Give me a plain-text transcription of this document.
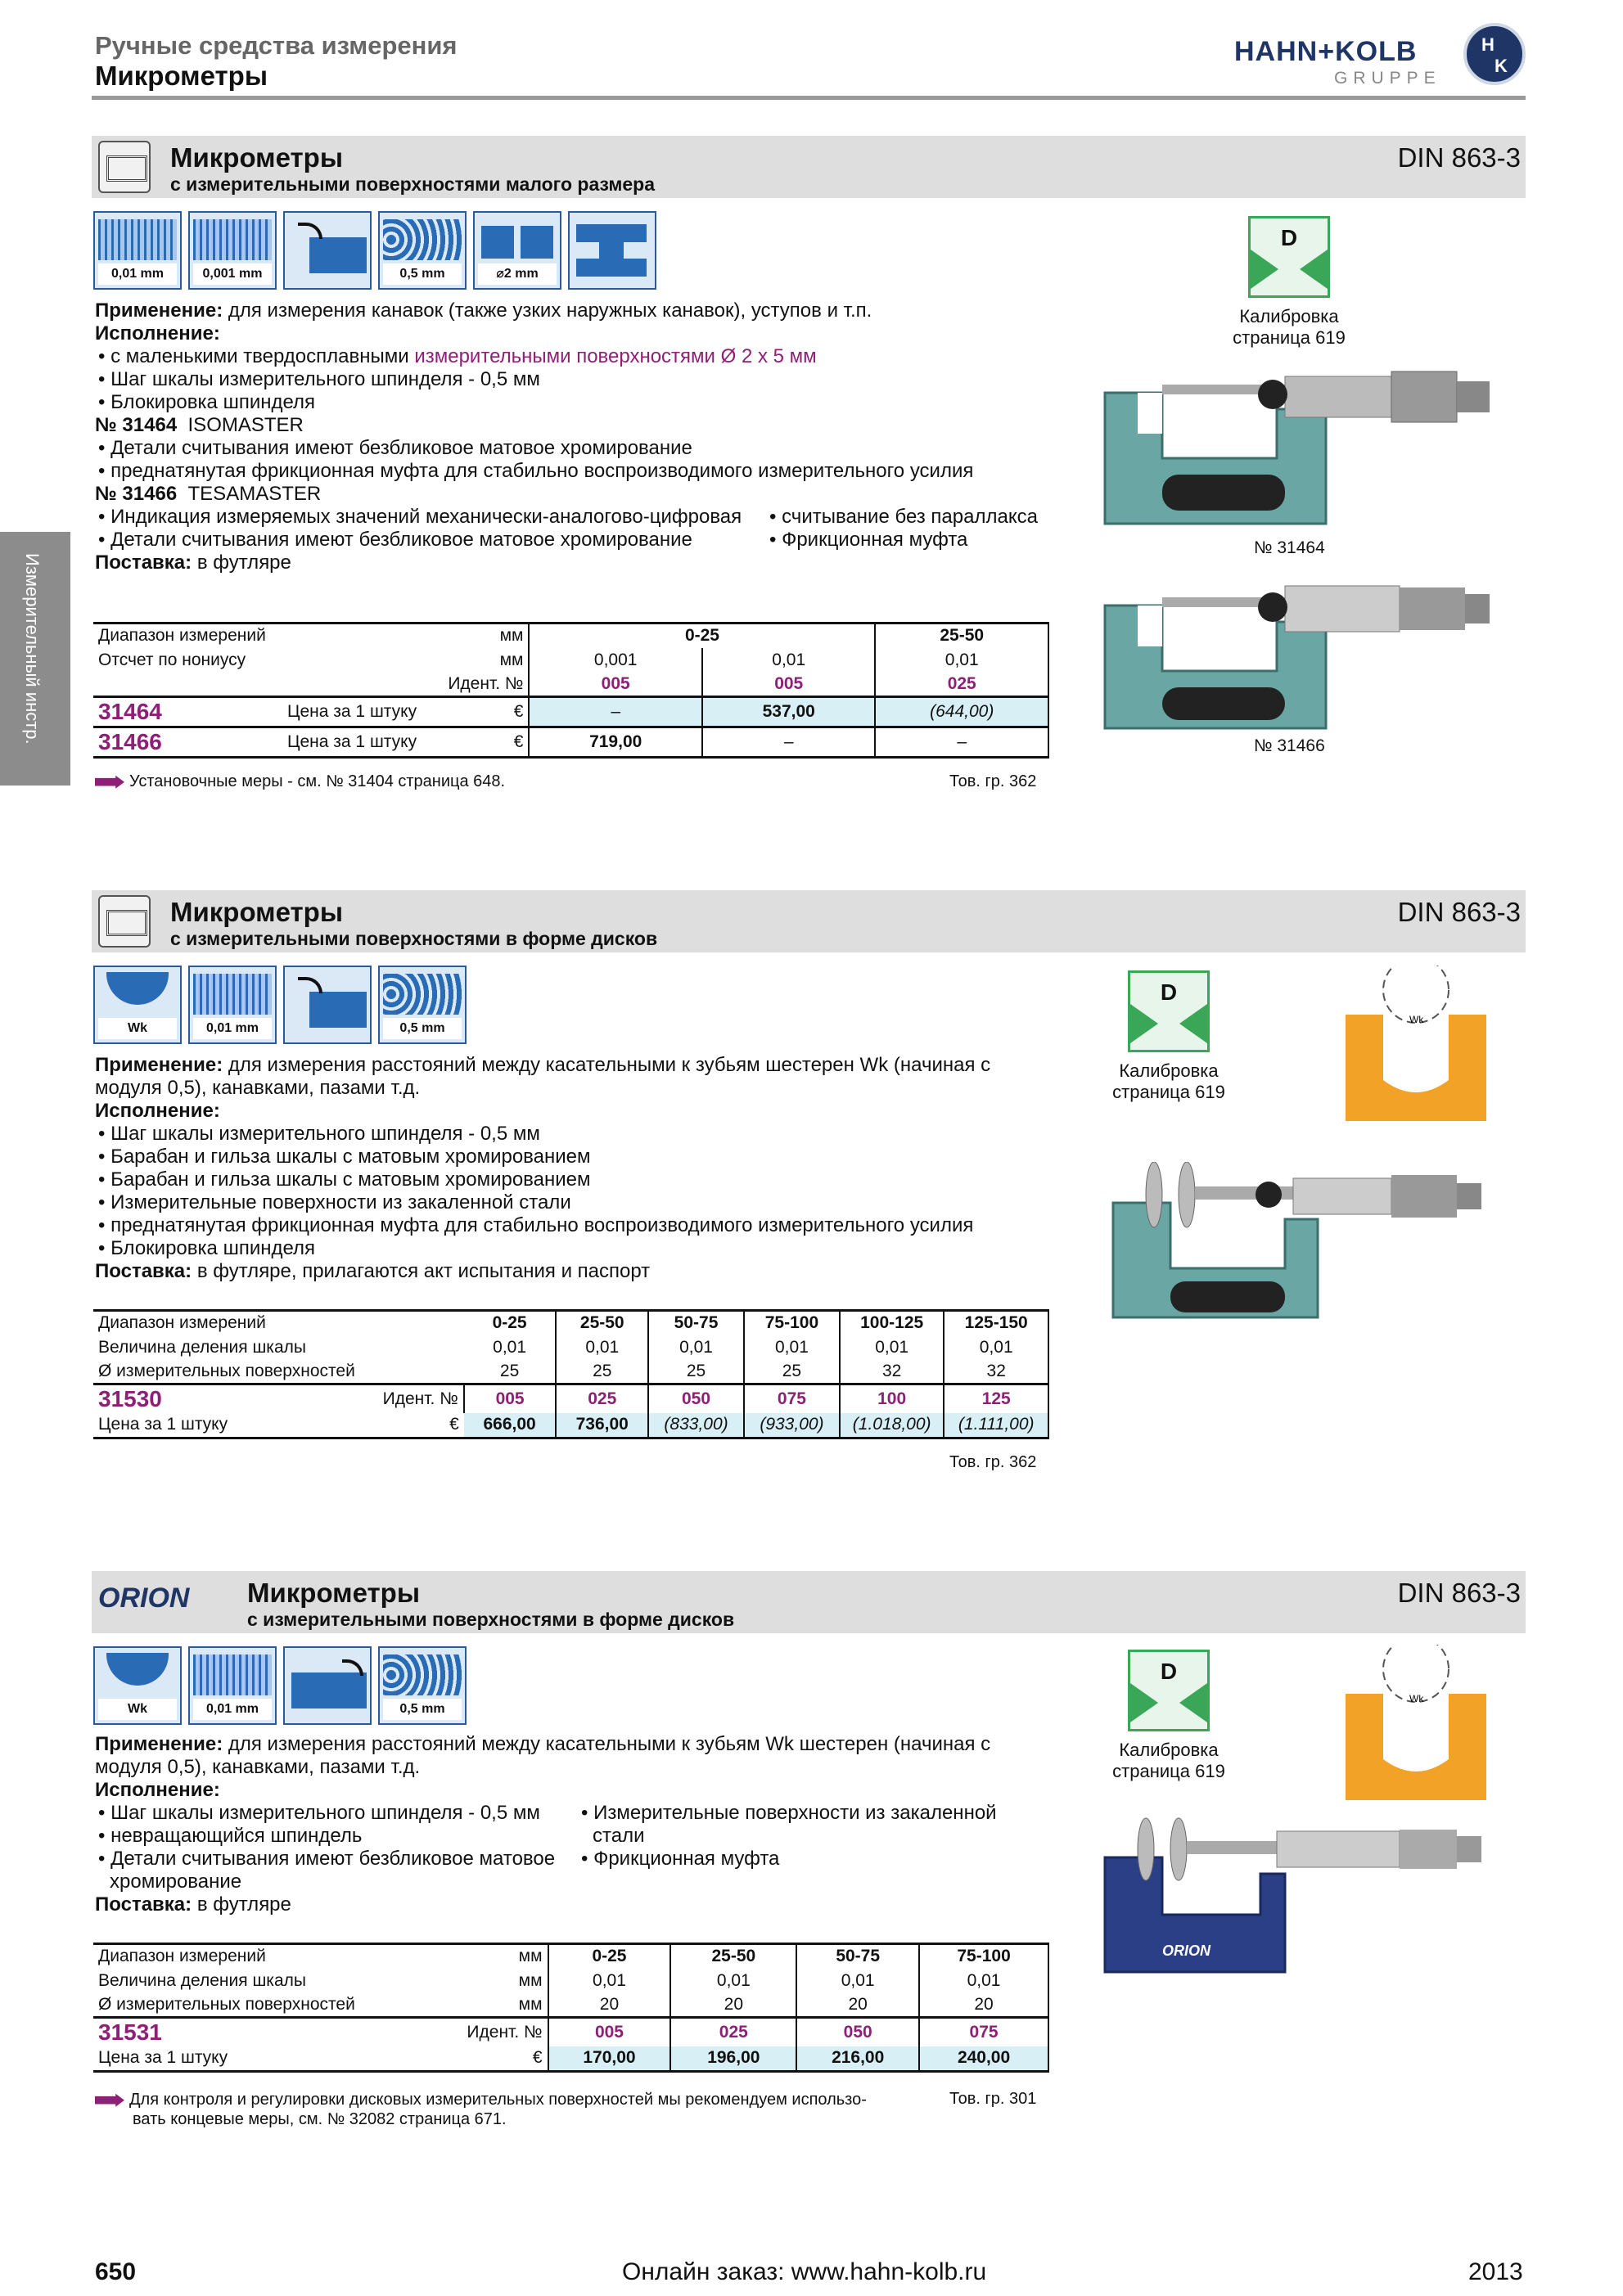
Ручные средства измерения
Микрометры
HAHN+KOLB
GRUPPE
H
K
Измерительный инстр.
Микрометры
с измерительными поверхностями малого размера
DIN 863-3
0,01 mm	0,001 mm	0,5 mm	⌀2 mm
Применение: для измерения канавок (также узких наружных канавок), уступов и т.п.
Исполнение:
• с маленькими твердосплавными измерительными поверхностями Ø 2 x 5 мм
• Шаг шкалы измерительного шпинделя - 0,5 мм
• Блокировка шпинделя
№ 31464 ISOMASTER
• Детали считывания имеют безбликовое матовое хромирование
• преднатянутая фрикционная муфта для стабильно воспроизводимого измерительного усилия
№ 31466 TESAMASTER
• Индикация измеряемых значений механически-аналогово-цифровая	• считывание без параллакса
• Детали считывания имеют безбликовое матовое хромирование	• Фрикционная муфта
Поставка: в футляре
Диапазон измерений		мм	0-25		25-50
Отсчет по нониусу		мм	0,001	0,01	0,01
Идент. №			005	005	025
31464	Цена за 1 штуку	€	–	537,00	(644,00)
31466	Цена за 1 штуку	€	719,00	–	–
Установочные меры - см. № 31404 страница 648.	Тов. гр. 362
D
Калибровка
страница 619
№ 31464
№ 31466
Микрометры
с измерительными поверхностями в форме дисков
DIN 863-3
Wk	0,01 mm	0,5 mm
Применение: для измерения расстояний между касательными к зубьям шестерен Wk (начиная с модуля 0,5), канавками, пазами т.д.
Исполнение:
• Шаг шкалы измерительного шпинделя - 0,5 мм
• Барабан и гильза шкалы с матовым хромированием
• Барабан и гильза шкалы с матовым хромированием
• Измерительные поверхности из закаленной стали
• преднатянутая фрикционная муфта для стабильно воспроизводимого измерительного усилия
• Блокировка шпинделя
Поставка: в футляре, прилагаются акт испытания и паспорт
Диапазон измерений		0-25	25-50	50-75	75-100	100-125	125-150
Величина деления шкалы		0,01	0,01	0,01	0,01	0,01	0,01
Ø измерительных поверхностей		25	25	25	25	32	32
31530	Идент. №	005	025	050	075	100	125
Цена за 1 штуку €		666,00	736,00	(833,00)	(933,00)	(1.018,00)	(1.111,00)
Тов. гр. 362
D
Калибровка
страница 619
Wk
ORION Микрометры
с измерительными поверхностями в форме дисков
DIN 863-3
Wk	0,01 mm	0,5 mm
Применение: для измерения расстояний между касательными к зубьям Wk шестерен (начиная с модуля 0,5), канавками, пазами т.д.
Исполнение:
• Шаг шкалы измерительного шпинделя - 0,5 мм
• невращающийся шпиндель
• Детали считывания имеют безбликовое матовое хромирование
• Измерительные поверхности из закаленной стали
• Фрикционная муфта
Поставка: в футляре
Диапазон измерений мм		0-25	25-50	50-75	75-100
Величина деления шкалы мм		0,01	0,01	0,01	0,01
Ø измерительных поверхностей мм		20	20	20	20
31531	Идент. №	005	025	050	075
Цена за 1 штуку €		170,00	196,00	216,00	240,00
Для контроля и регулировки дисковых измерительных поверхностей мы рекомендуем использо-
вать концевые меры, см. № 32082 страница 671.
Тов. гр. 301
D
Калибровка
страница 619
Wk
ORION
650	Онлайн заказ: www.hahn-kolb.ru	2013
